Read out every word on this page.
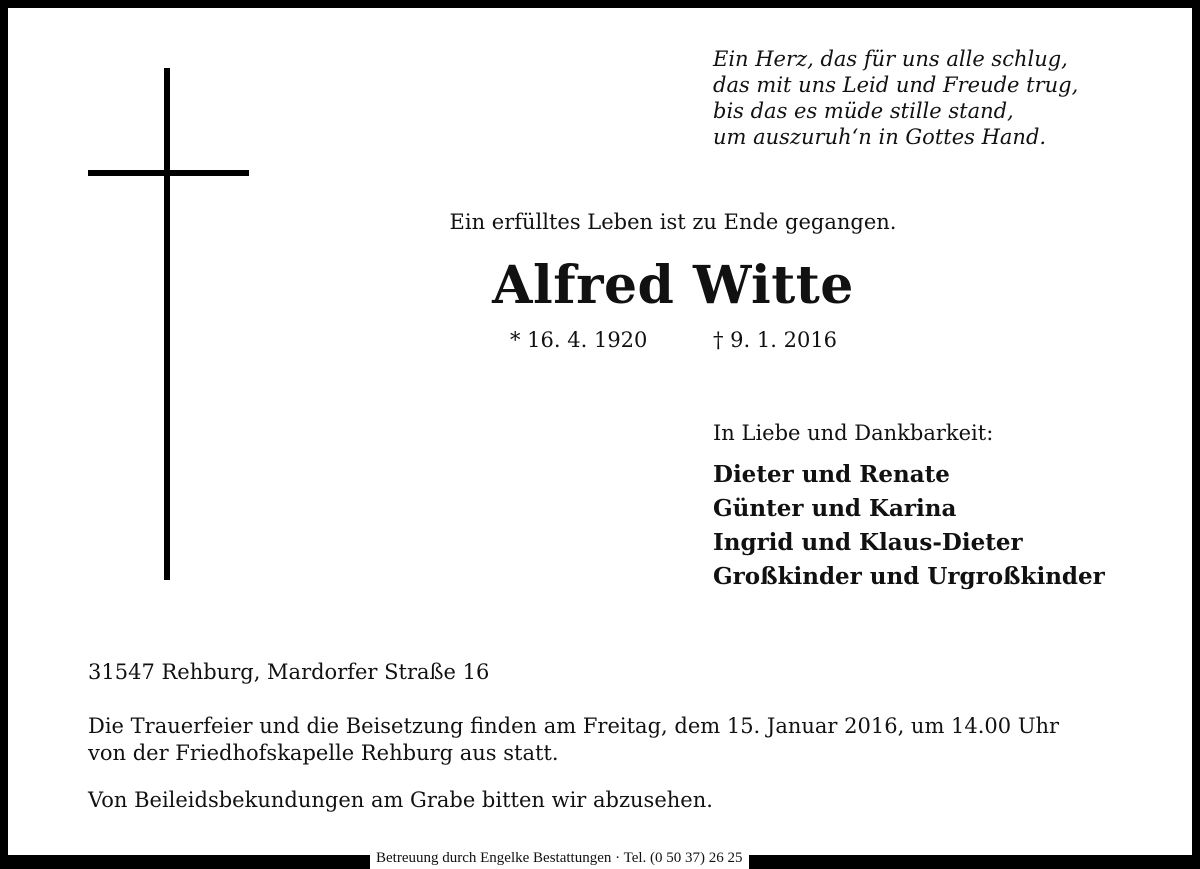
Ein Herz, das für uns alle schlug,
das mit uns Leid und Freude trug,
bis das es müde stille stand,
um auszuruh‘n in Gottes Hand.
Ein erfülltes Leben ist zu Ende gegangen.
Alfred Witte
* 16. 4. 1920	† 9. 1. 2016
In Liebe und Dankbarkeit:
Dieter und Renate
Günter und Karina
Ingrid und Klaus-Dieter
Großkinder und Urgroßkinder
31547 Rehburg, Mardorfer Straße 16
Die Trauerfeier und die Beisetzung finden am Freitag, dem 15. Januar 2016, um 14.00 Uhr
von der Friedhofskapelle Rehburg aus statt.
Von Beileidsbekundungen am Grabe bitten wir abzusehen.
Betreuung durch Engelke Bestattungen · Tel. (0 50 37) 26 25
